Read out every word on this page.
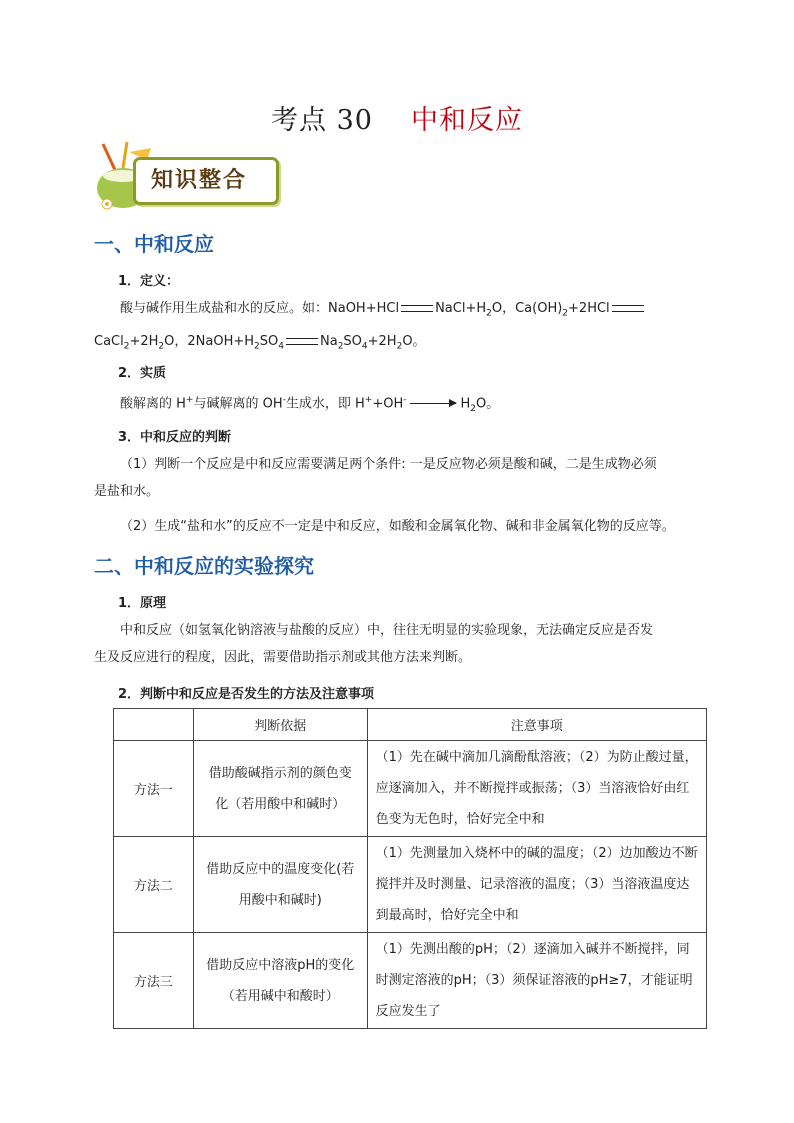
考点 30 中和反应
知识整合
一、中和反应
1．定义：
酸与碱作用生成盐和水的反应。如：NaOH+HCl	$NaCl+H_2O$，$Ca(OH)_2+2HCl$
$CaCl_2+2H_2O$，$2NaOH+H_2SO_4$	$Na_2SO_4+2H_2O$。
2．实质
酸解离的 H+与碱解离的 OH-生成水，即 $H^++OH^- \to H_2O$。
3．中和反应的判断
（1）判断一个反应是中和反应需要满足两个条件: 一是反应物必须是酸和碱，二是生成物必须
是盐和水。
（2）生成“盐和水”的反应不一定是中和反应，如酸和金属氧化物、碱和非金属氧化物的反应等。
二、中和反应的实验探究
1．原理
中和反应（如氢氧化钠溶液与盐酸的反应）中，往往无明显的实验现象，无法确定反应是否发
生及反应进行的程度，因此，需要借助指示剂或其他方法来判断。
2．判断中和反应是否发生的方法及注意事项
	判断依据	注意事项
方法一	借助酸碱指示剂的颜色变化（若用酸中和碱时）	（1）先在碱中滴加几滴酚酞溶液；（2）为防止酸过量，应逐滴加入，并不断搅拌或振荡；（3）当溶液恰好由红色变为无色时，恰好完全中和
方法二	借助反应中的温度变化(若用酸中和碱时)	（1）先测量加入烧杯中的碱的温度；（2）边加酸边不断搅拌并及时测量、记录溶液的温度；（3）当溶液温度达到最高时，恰好完全中和
方法三	借助反应中溶液pH的变化（若用碱中和酸时）	（1）先测出酸的pH；（2）逐滴加入碱并不断搅拌，同时测定溶液的pH；（3）须保证溶液的pH≥7，才能证明反应发生了
